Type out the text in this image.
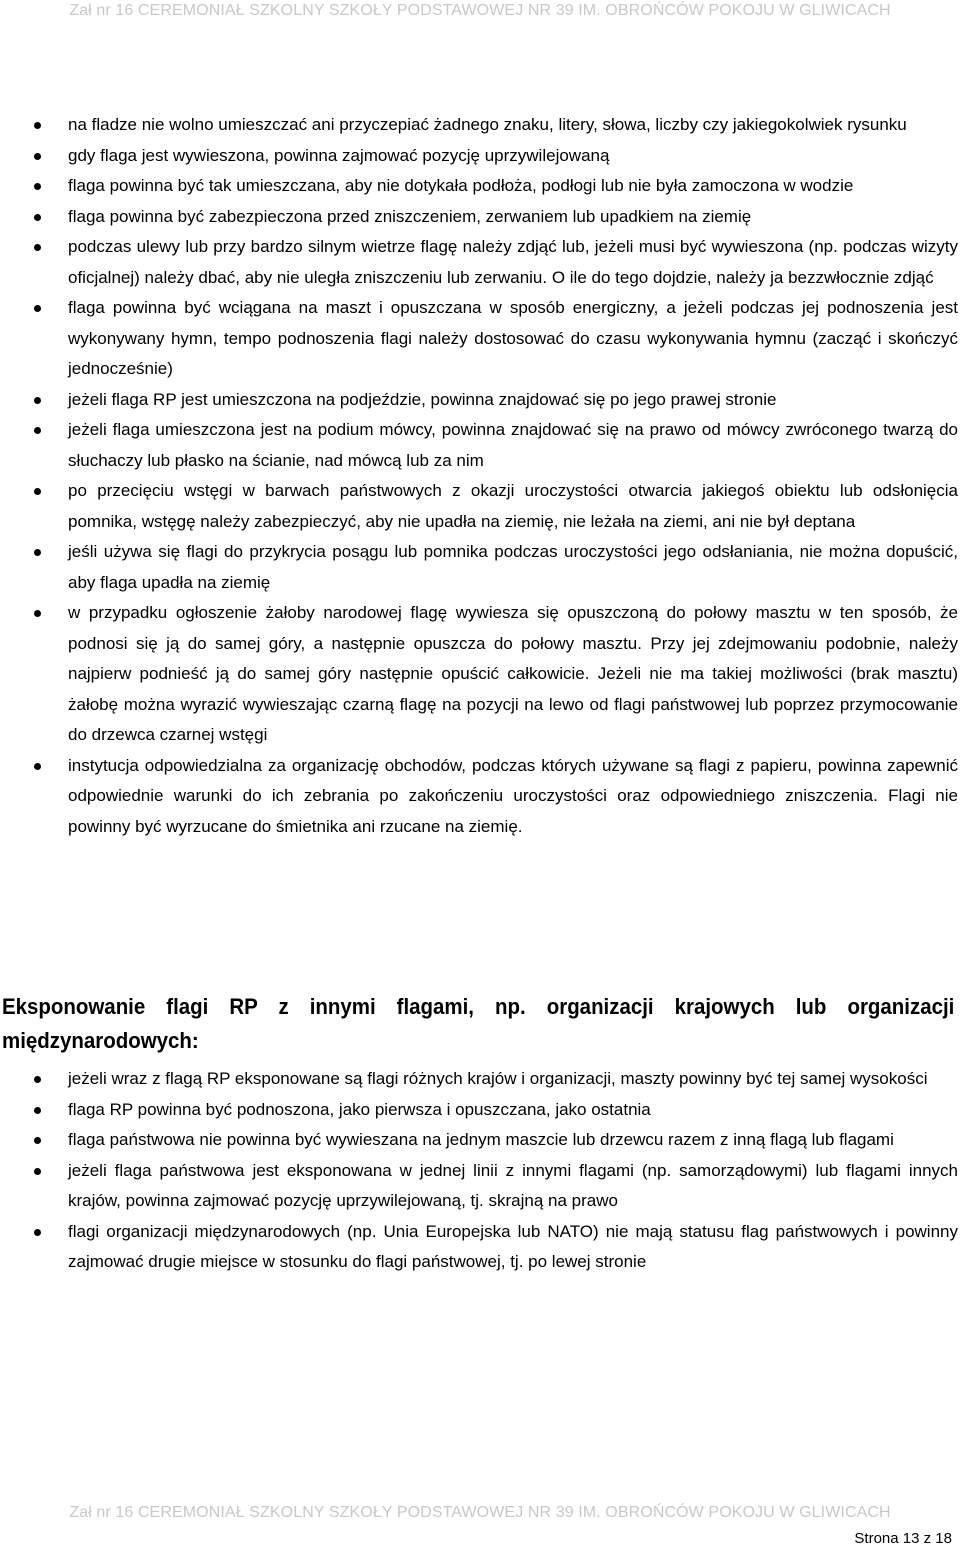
Zał nr 16 CEREMONIAŁ SZKOLNY SZKOŁY PODSTAWOWEJ NR 39 IM. OBROŃCÓW POKOJU W GLIWICACH
na fladze nie wolno umieszczać ani przyczepiać żadnego znaku, litery, słowa, liczby czy jakiegokolwiek rysunku
gdy flaga jest wywieszona, powinna zajmować pozycję uprzywilejowaną
flaga powinna być tak umieszczana, aby nie dotykała podłoża, podłogi lub nie była zamoczona w wodzie
flaga powinna być zabezpieczona przed zniszczeniem, zerwaniem lub upadkiem na ziemię
podczas ulewy lub przy bardzo silnym wietrze flagę należy zdjąć lub, jeżeli musi być wywieszona (np. podczas wizyty oficjalnej) należy dbać, aby nie uległa zniszczeniu lub zerwaniu. O ile do tego dojdzie, należy ja bezzwłocznie zdjąć
flaga powinna być wciągana na maszt i opuszczana w sposób energiczny, a jeżeli podczas jej podnoszenia jest wykonywany hymn, tempo podnoszenia flagi należy dostosować do czasu wykonywania hymnu (zacząć i skończyć jednocześnie)
jeżeli flaga RP jest umieszczona na podjeździe, powinna znajdować się po jego prawej stronie
jeżeli flaga umieszczona jest na podium mówcy, powinna znajdować się na prawo od mówcy zwróconego twarzą do słuchaczy lub płasko na ścianie, nad mówcą lub za nim
po przecięciu wstęgi w barwach państwowych z okazji uroczystości otwarcia jakiegoś obiektu lub odsłonięcia pomnika, wstęgę należy zabezpieczyć, aby nie upadła na ziemię, nie leżała na ziemi, ani nie był deptana
jeśli używa się flagi do przykrycia posągu lub pomnika podczas uroczystości jego odsłaniania, nie można dopuścić, aby flaga upadła na ziemię
w przypadku ogłoszenie żałoby narodowej flagę wywiesza się opuszczoną do połowy masztu w ten sposób, że podnosi się ją do samej góry, a następnie opuszcza do połowy masztu. Przy jej zdejmowaniu podobnie, należy najpierw podnieść ją do samej góry następnie opuścić całkowicie. Jeżeli nie ma takiej możliwości (brak masztu) żałobę można wyrazić wywieszając czarną flagę na pozycji na lewo od flagi państwowej lub poprzez przymocowanie do drzewca czarnej wstęgi
instytucja odpowiedzialna za organizację obchodów, podczas których używane są flagi z papieru, powinna zapewnić odpowiednie warunki do ich zebrania po zakończeniu uroczystości oraz odpowiedniego zniszczenia. Flagi nie powinny być wyrzucane do śmietnika ani rzucane na ziemię.
Eksponowanie flagi RP z innymi flagami, np. organizacji krajowych lub organizacji międzynarodowych:
jeżeli wraz z flagą RP eksponowane są flagi różnych krajów i organizacji, maszty powinny być tej samej wysokości
flaga RP powinna być podnoszona, jako pierwsza i opuszczana, jako ostatnia
flaga państwowa nie powinna być wywieszana na jednym maszcie lub drzewcu razem z inną flagą lub flagami
jeżeli flaga państwowa jest eksponowana w jednej linii z innymi flagami (np. samorządowymi) lub flagami innych krajów, powinna zajmować pozycję uprzywilejowaną, tj. skrajną na prawo
flagi organizacji międzynarodowych (np. Unia Europejska lub NATO) nie mają statusu flag państwowych i powinny zajmować drugie miejsce w stosunku do flagi państwowej, tj. po lewej stronie
Zał nr 16 CEREMONIAŁ SZKOLNY SZKOŁY PODSTAWOWEJ NR 39 IM. OBROŃCÓW POKOJU W GLIWICACH
Strona 13 z 18
